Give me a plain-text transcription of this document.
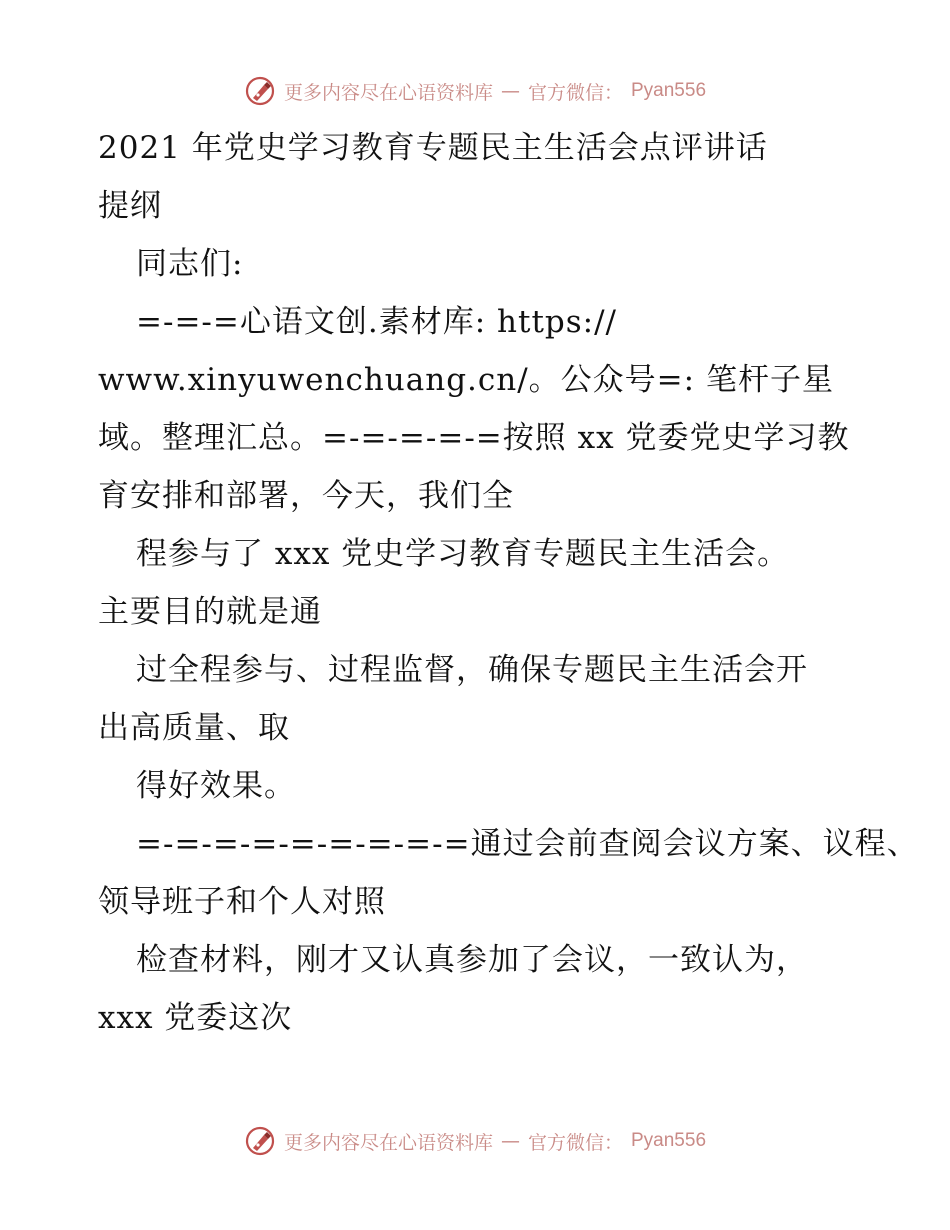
更多内容尽在心语资料库 — 官方微信： Pyan556
2021 年党史学习教育专题民主生活会点评讲话
提纲
同志们:
=-=-=心语文创.素材库: https://
www.xinyuwenchuang.cn/。公众号=: 笔杆子星
域。整理汇总。=-=-=-=-=按照 xx 党委党史学习教
育安排和部署，今天，我们全
程参与了 xxx 党史学习教育专题民主生活会。
主要目的就是通
过全程参与、过程监督，确保专题民主生活会开
出高质量、取
得好效果。
=-=-=-=-=-=-=-=-=通过会前查阅会议方案、议程、
领导班子和个人对照
检查材料，刚才又认真参加了会议，一致认为，
xxx 党委这次
更多内容尽在心语资料库 — 官方微信： Pyan556
